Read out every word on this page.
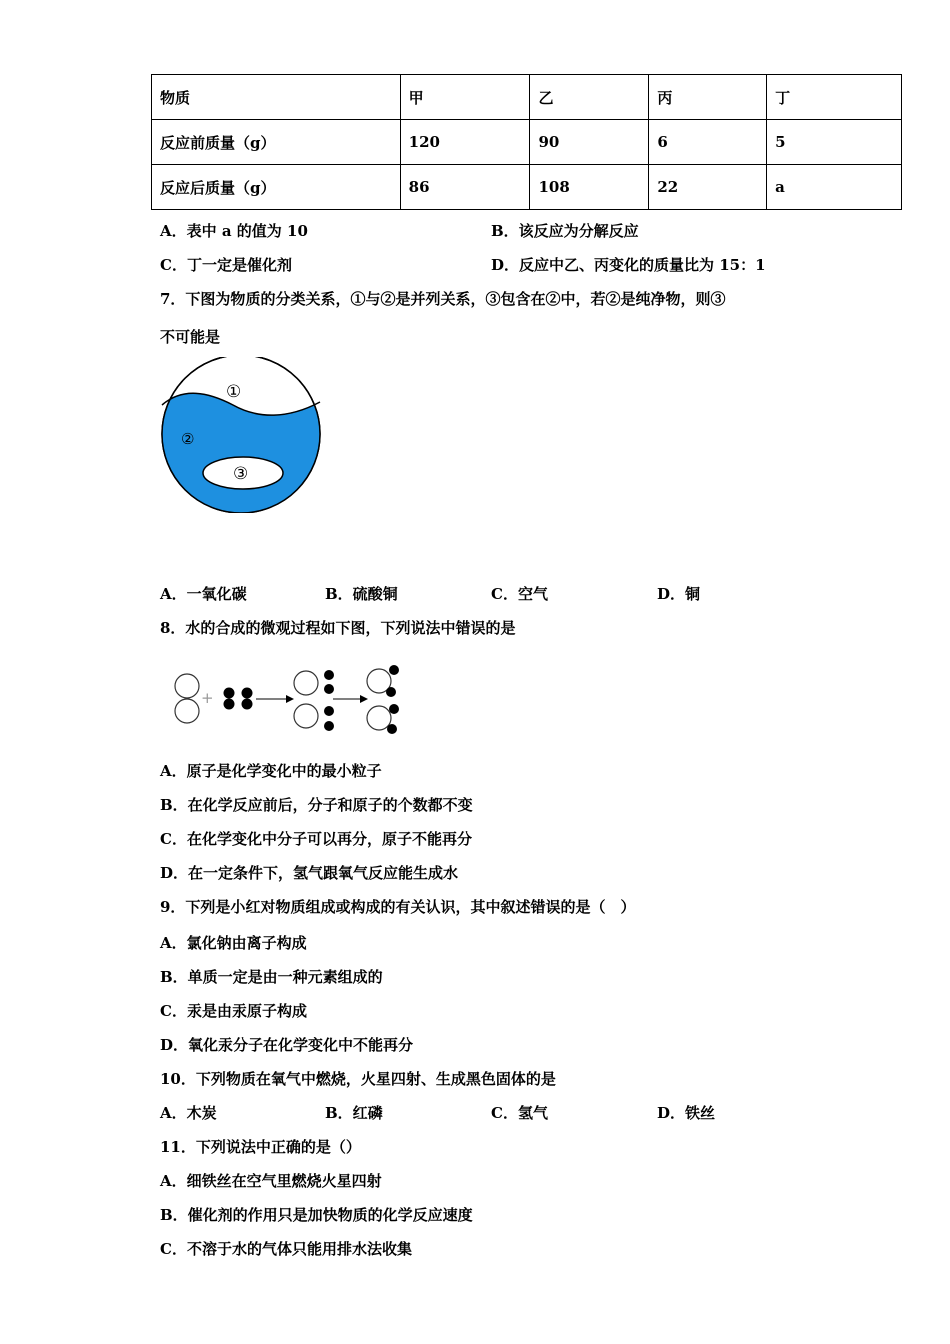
物质	甲	乙	丙	丁
反应前质量（g）	120	90	6	5
反应后质量（g）	86	108	22	a
A．表中 a 的值为 10	B．该反应为分解反应
C．丁一定是催化剂	D．反应中乙、丙变化的质量比为 15：1
7．下图为物质的分类关系，①与②是并列关系，③包含在②中，若②是纯净物，则③
不可能是
①
②
③
A．一氧化碳	B．硫酸铜	C．空气	D．铜
8．水的合成的微观过程如下图，下列说法中错误的是
+
A．原子是化学变化中的最小粒子
B．在化学反应前后，分子和原子的个数都不变
C．在化学变化中分子可以再分，原子不能再分
D．在一定条件下，氢气跟氧气反应能生成水
9．下列是小红对物质组成或构成的有关认识，其中叙述错误的是（　）
A．氯化钠由离子构成
B．单质一定是由一种元素组成的
C．汞是由汞原子构成
D．氧化汞分子在化学变化中不能再分
10．下列物质在氧气中燃烧，火星四射、生成黑色固体的是
A．木炭	B．红磷	C．氢气	D．铁丝
11．下列说法中正确的是（）
A．细铁丝在空气里燃烧火星四射
B．催化剂的作用只是加快物质的化学反应速度
C．不溶于水的气体只能用排水法收集
